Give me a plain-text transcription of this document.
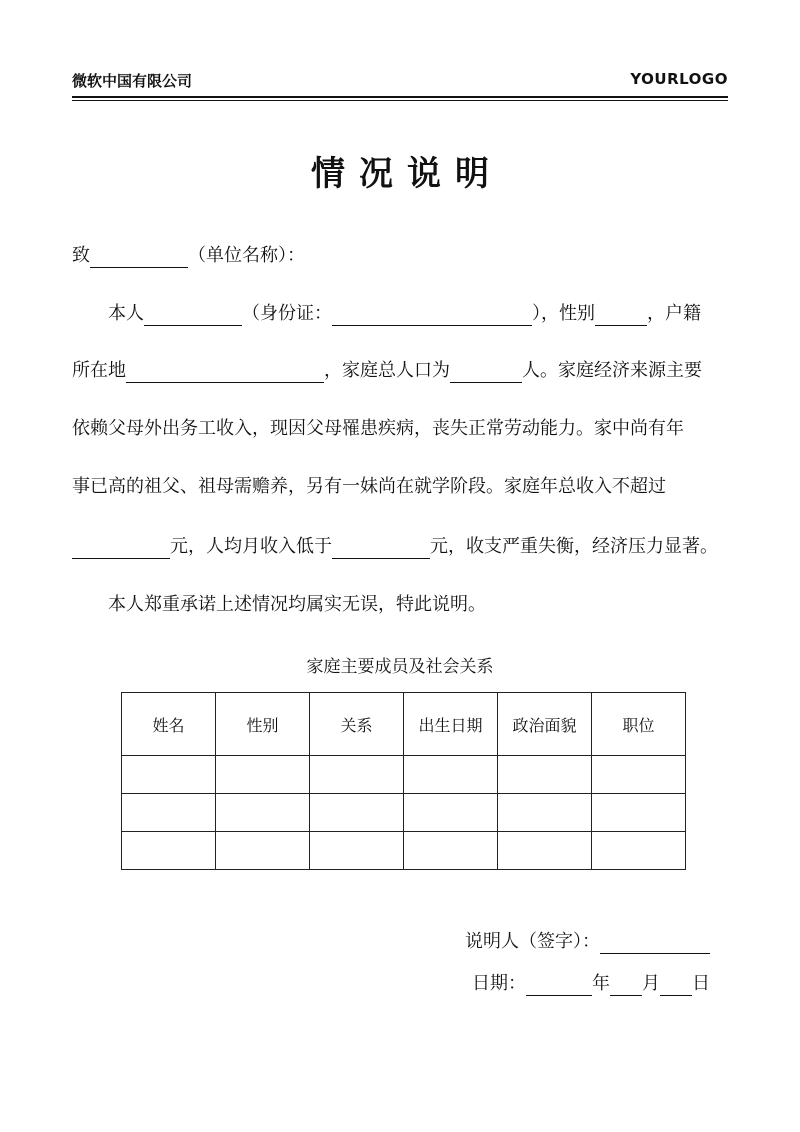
微软中国有限公司	YOURLOGO
情况说明
致	（单位名称）：
本人	（身份证：	），性别	，户籍
所在地	，家庭总人口为	人。家庭经济来源主要
依赖父母外出务工收入，现因父母罹患疾病，丧失正常劳动能力。家中尚有年
事已高的祖父、祖母需赡养，另有一妹尚在就学阶段。家庭年总收入不超过
元，人均月收入低于	元，收支严重失衡，经济压力显著。
本人郑重承诺上述情况均属实无误，特此说明。
家庭主要成员及社会关系
姓名	性别	关系	出生日期	政治面貌	职位

说明人（签字）：
日期：	年 月 日
